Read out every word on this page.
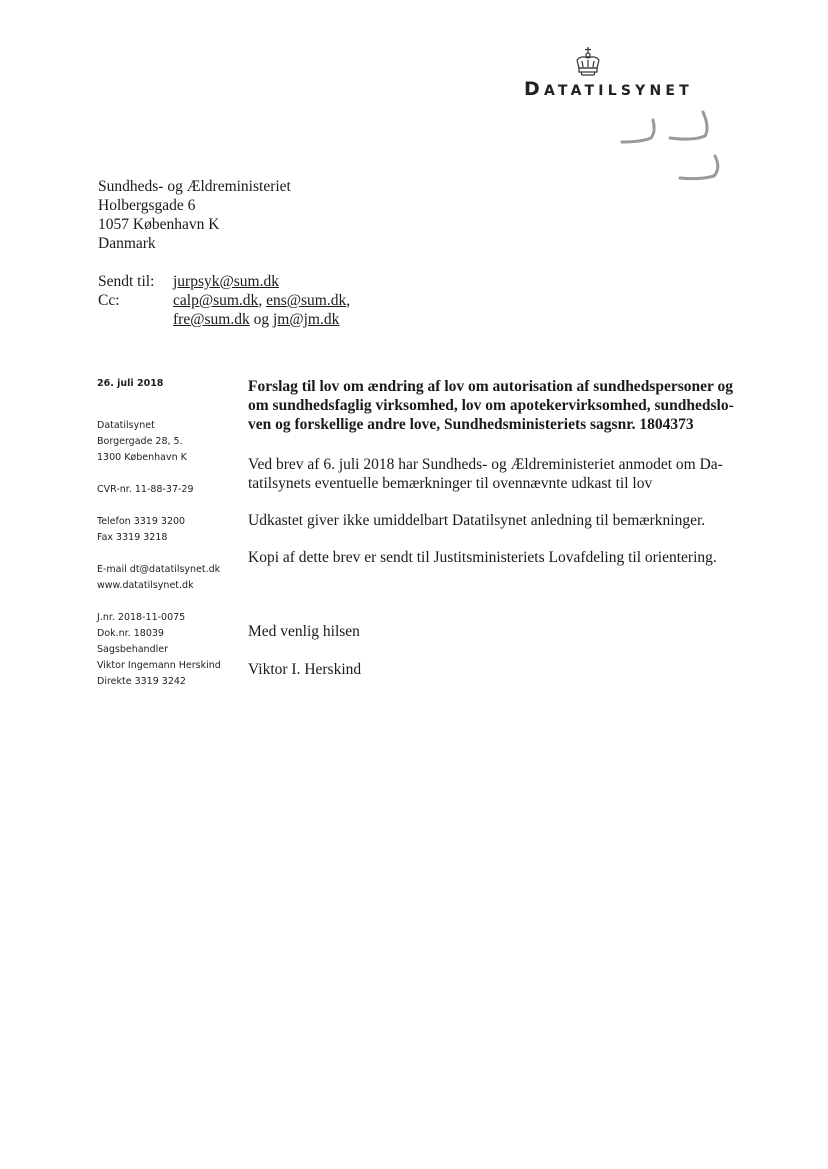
DATATILSYNET
Sundheds- og Ældreministeriet
Holbergsgade 6
1057 København K
Danmark
Sendt til:	jurpsyk@sum.dk
Cc:	calp@sum.dk, ens@sum.dk,
fre@sum.dk og jm@jm.dk
26. juli 2018
Datatilsynet
Borgergade 28, 5.
1300 København K
CVR-nr. 11-88-37-29
Telefon 3319 3200
Fax 3319 3218
E-mail dt@datatilsynet.dk
www.datatilsynet.dk
J.nr. 2018-11-0075
Dok.nr. 18039
Sagsbehandler
Viktor Ingemann Herskind
Direkte 3319 3242
Forslag til lov om ændring af lov om autorisation af sundhedspersoner og
om sundhedsfaglig virksomhed, lov om apotekervirksomhed, sundhedslo-
ven og forskellige andre love, Sundhedsministeriets sagsnr. 1804373
Ved brev af 6. juli 2018 har Sundheds- og Ældreministeriet anmodet om Da-
tatilsynets eventuelle bemærkninger til ovennævnte udkast til lov
Udkastet giver ikke umiddelbart Datatilsynet anledning til bemærkninger.
Kopi af dette brev er sendt til Justitsministeriets Lovafdeling til orientering.
Med venlig hilsen
Viktor I. Herskind
